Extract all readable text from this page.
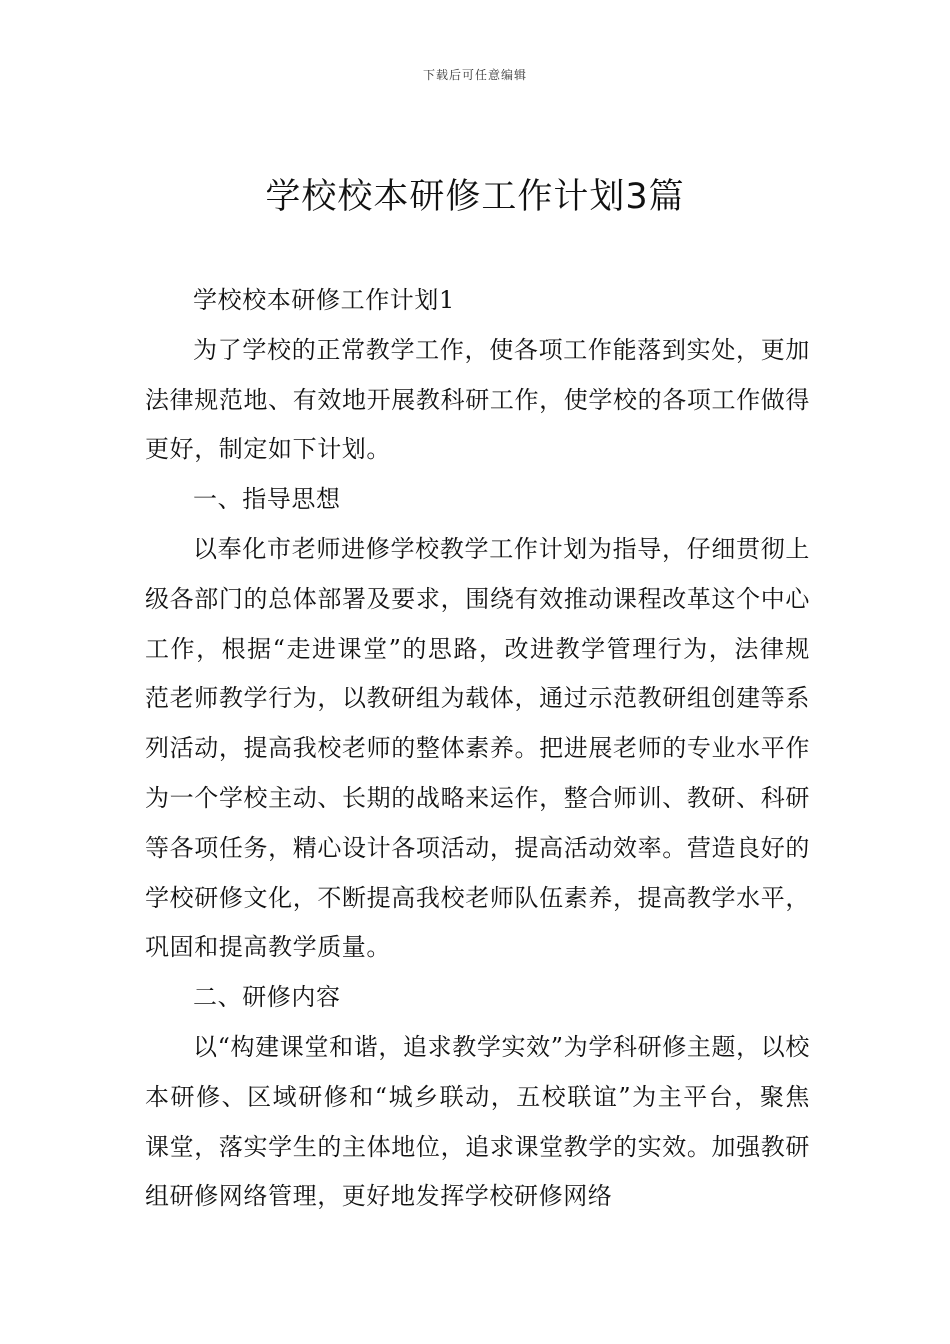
下载后可任意编辑
学校校本研修工作计划3篇

学校校本研修工作计划1

为了学校的正常教学工作，使各项工作能落到实处，更加法律规范地、有效地开展教科研工作，使学校的各项工作做得更好，制定如下计划。

一、指导思想

以奉化市老师进修学校教学工作计划为指导，仔细贯彻上级各部门的总体部署及要求，围绕有效推动课程改革这个中心工作，根据“走进课堂”的思路，改进教学管理行为，法律规范老师教学行为，以教研组为载体，通过示范教研组创建等系列活动，提高我校老师的整体素养。把进展老师的专业水平作为一个学校主动、长期的战略来运作，整合师训、教研、科研等各项任务，精心设计各项活动，提高活动效率。营造良好的学校研修文化，不断提高我校老师队伍素养，提高教学水平，巩固和提高教学质量。

二、研修内容

以“构建课堂和谐，追求教学实效”为学科研修主题，以校本研修、区域研修和“城乡联动，五校联谊”为主平台，聚焦课堂，落实学生的主体地位，追求课堂教学的实效。加强教研组研修网络管理，更好地发挥学校研修网络
